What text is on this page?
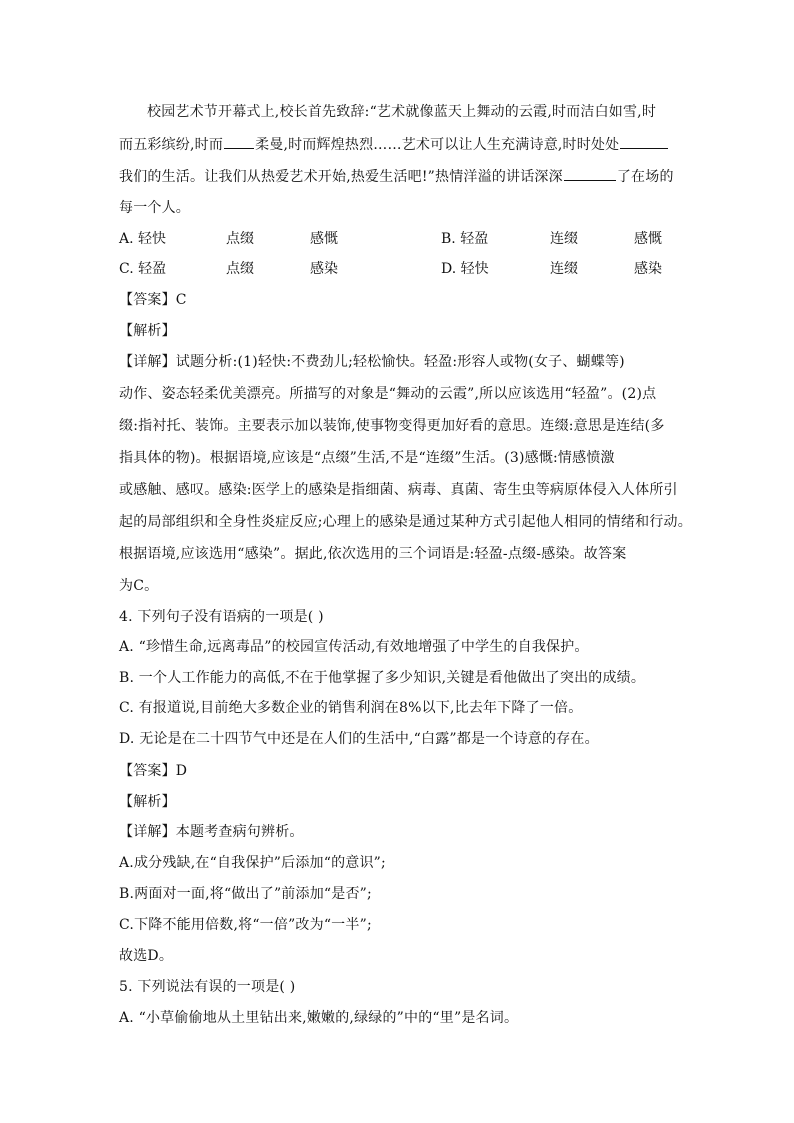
校园艺术节开幕式上,校长首先致辞:“艺术就像蓝天上舞动的云霞,时而洁白如雪,时
而五彩缤纷,时而 柔曼,时而辉煌热烈……艺术可以让人生充满诗意,时时处处
我们的生活。让我们从热爱艺术开始,热爱生活吧!”热情洋溢的讲话深深	了在场的
每一个人。
A. 轻快	点缀	感慨	B. 轻盈	连缀	感慨
C. 轻盈	点缀	感染	D. 轻快	连缀	感染
【答案】C
【解析】
【详解】试题分析:(1)轻快:不费劲儿;轻松愉快。轻盈:形容人或物(女子、蝴蝶等)
动作、姿态轻柔优美漂亮。所描写的对象是“舞动的云霞”,所以应该选用“轻盈”。(2)点
缀:指衬托、装饰。主要表示加以装饰,使事物变得更加好看的意思。连缀:意思是连结(多
指具体的物)。根据语境,应该是“点缀”生活,不是“连缀”生活。(3)感慨:情感愤激
或感触、感叹。感染:医学上的感染是指细菌、病毒、真菌、寄生虫等病原体侵入人体所引
起的局部组织和全身性炎症反应;心理上的感染是通过某种方式引起他人相同的情绪和行动。
根据语境,应该选用“感染”。据此,依次选用的三个词语是:轻盈-点缀-感染。故答案
为C。
4. 下列句子没有语病的一项是( )
A. “珍惜生命,远离毒品”的校园宣传活动,有效地增强了中学生的自我保护。
B. 一个人工作能力的高低,不在于他掌握了多少知识,关键是看他做出了突出的成绩。
C. 有报道说,目前绝大多数企业的销售利润在8%以下,比去年下降了一倍。
D. 无论是在二十四节气中还是在人们的生活中,“白露”都是一个诗意的存在。
【答案】D
【解析】
【详解】本题考查病句辨析。
A.成分残缺,在“自我保护”后添加“的意识”;
B.两面对一面,将“做出了”前添加“是否”;
C.下降不能用倍数,将“一倍”改为“一半”;
故选D。
5. 下列说法有误的一项是( )
A. “小草偷偷地从土里钻出来,嫩嫩的,绿绿的”中的“里”是名词。
